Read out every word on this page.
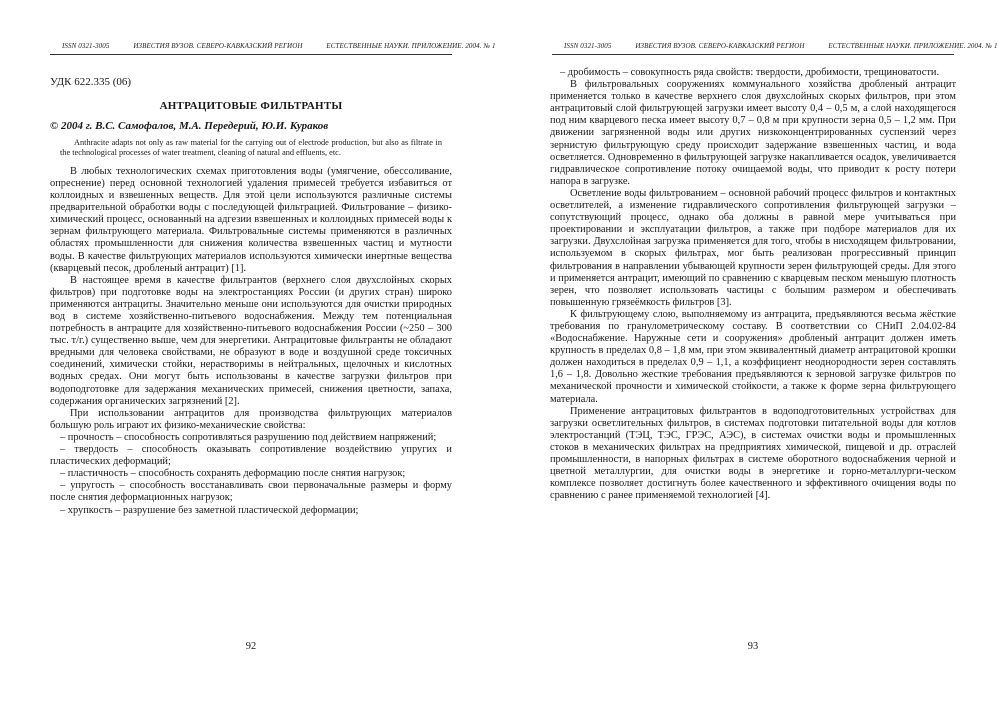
ISSN 0321-3005	ИЗВЕСТИЯ ВУЗОВ. СЕВЕРО-КАВКАЗСКИЙ РЕГИОН	ЕСТЕСТВЕННЫЕ НАУКИ. ПРИЛОЖЕНИЕ. 2004. № 1
УДК 622.335 (06)
АНТРАЦИТОВЫЕ ФИЛЬТРАНТЫ
© 2004 г. В.С. Самофалов, М.А. Передерий, Ю.И. Кураков
Anthracite adapts not only as raw material for the carrying out of electrode production, but also as filtrate in the technological processes of water treatment, cleaning of natural and effluents, etc.

В любых технологических схемах приготовления воды (умягчение, обессоливание, опреснение) перед основной технологией удаления примесей требуется избавиться от коллоидных и взвешенных веществ. Для этой цели используются различные системы предварительной обработки воды с последующей фильтрацией. Фильтрование – физико-химический процесс, основанный на адгезии взвешенных и коллоидных примесей воды к зернам фильтрующего материала. Фильтровальные системы применяются в различных областях промышленности для снижения количества взвешенных частиц и мутности воды. В качестве фильтрующих материалов используются химически инертные вещества (кварцевый песок, дробленый антрацит) [1].

В настоящее время в качестве фильтрантов (верхнего слоя двухслойных скорых фильтров) при подготовке воды на электростанциях России (и других стран) широко применяются антрациты. Значительно меньше они используются для очистки природных вод в системе хозяйственно-питьевого водоснабжения. Между тем потенциальная потребность в антраците для хозяйственно-питьевого водоснабжения России (~250 – 300 тыс. т/г.) существенно выше, чем для энергетики. Антрацитовые фильтранты не обладают вредными для человека свойствами, не образуют в воде и воздушной среде токсичных соединений, химически стойки, нерастворимы в нейтральных, щелочных и кислотных водных средах. Они могут быть использованы в качестве загрузки фильтров при водоподготовке для задержания механических примесей, снижения цветности, запаха, содержания органических загрязнений [2].

При использовании антрацитов для производства фильтрующих материалов большую роль играют их физико-механические свойства:

– прочность – способность сопротивляться разрушению под действием напряжений;

– твердость – способность оказывать сопротивление воздействию упругих и пластических деформаций;

– пластичность – способность сохранять деформацию после снятия нагрузок;

– упругость – способность восстанавливать свои первоначальные размеры и форму после снятия деформационных нагрузок;

– хрупкость – разрушение без заметной пластической деформации;

92
ISSN 0321-3005	ИЗВЕСТИЯ ВУЗОВ. СЕВЕРО-КАВКАЗСКИЙ РЕГИОН	ЕСТЕСТВЕННЫЕ НАУКИ. ПРИЛОЖЕНИЕ. 2004. № 1

– дробимость – совокупность ряда свойств: твердости, дробимости, трещиноватости.

В фильтровальных сооружениях коммунального хозяйства дробленый антрацит применяется только в качестве верхнего слоя двухслойных скорых фильтров, при этом антрацитовый слой фильтрующей загрузки имеет высоту 0,4 – 0,5 м, а слой находящегося под ним кварцевого песка имеет высоту 0,7 – 0,8 м при крупности зерна 0,5 – 1,2 мм. При движении загрязненной воды или других низкоконцентрированных суспензий через зернистую фильтрующую среду происходит задержание взвешенных частиц, и вода осветляется. Одновременно в фильтрующей загрузке накапливается осадок, увеличивается гидравлическое сопротивление потоку очищаемой воды, что приводит к росту потери напора в загрузке.

Осветление воды фильтрованием – основной рабочий процесс фильтров и контактных осветлителей, а изменение гидравлического сопротивления фильтрующей загрузки – сопутствующий процесс, однако оба должны в равной мере учитываться при проектировании и эксплуатации фильтров, а также при подборе материалов для их загрузки. Двухслойная загрузка применяется для того, чтобы в нисходящем фильтровании, используемом в скорых фильтрах, мог быть реализован прогрессивный принцип фильтрования в направлении убывающей крупности зерен фильтрующей среды. Для этого и применяется антрацит, имеющий по сравнению с кварцевым песком меньшую плотность зерен, что позволяет использовать частицы с большим размером и обеспечивать повышенную грязеёмкость фильтров [3].

К фильтрующему слою, выполняемому из антрацита, предъявляются весьма жёсткие требования по гранулометрическому составу. В соответствии со СНиП 2.04.02-84 «Водоснабжение. Наружные сети и сооружения» дробленый антрацит должен иметь крупность в пределах 0,8 – 1,8 мм, при этом эквивалентный диаметр антрацитовой крошки должен находиться в пределах 0,9 – 1,1, а коэффициент неоднородности зерен составлять 1,6 – 1,8. Довольно жесткие требования предъявляются к зерновой загрузке фильтров по механической прочности и химической стойкости, а также к форме зерна фильтрующего материала.

Применение антрацитовых фильтрантов в водоподготовительных устройствах для загрузки осветлительных фильтров, в системах подготовки питательной воды для котлов электростанций (ТЭЦ, ТЭС, ГРЭС, АЭС), в системах очистки воды и промышленных стоков в механических фильтрах на предприятиях химической, пищевой и др. отраслей промышленности, в напорных фильтрах в системе оборотного водоснабжения черной и цветной металлургии, для очистки воды в энергетике и горно-металлурги-ческом комплексе позволяет достигнуть более качественного и эффективного очищения воды по сравнению с ранее применяемой технологией [4].

93
